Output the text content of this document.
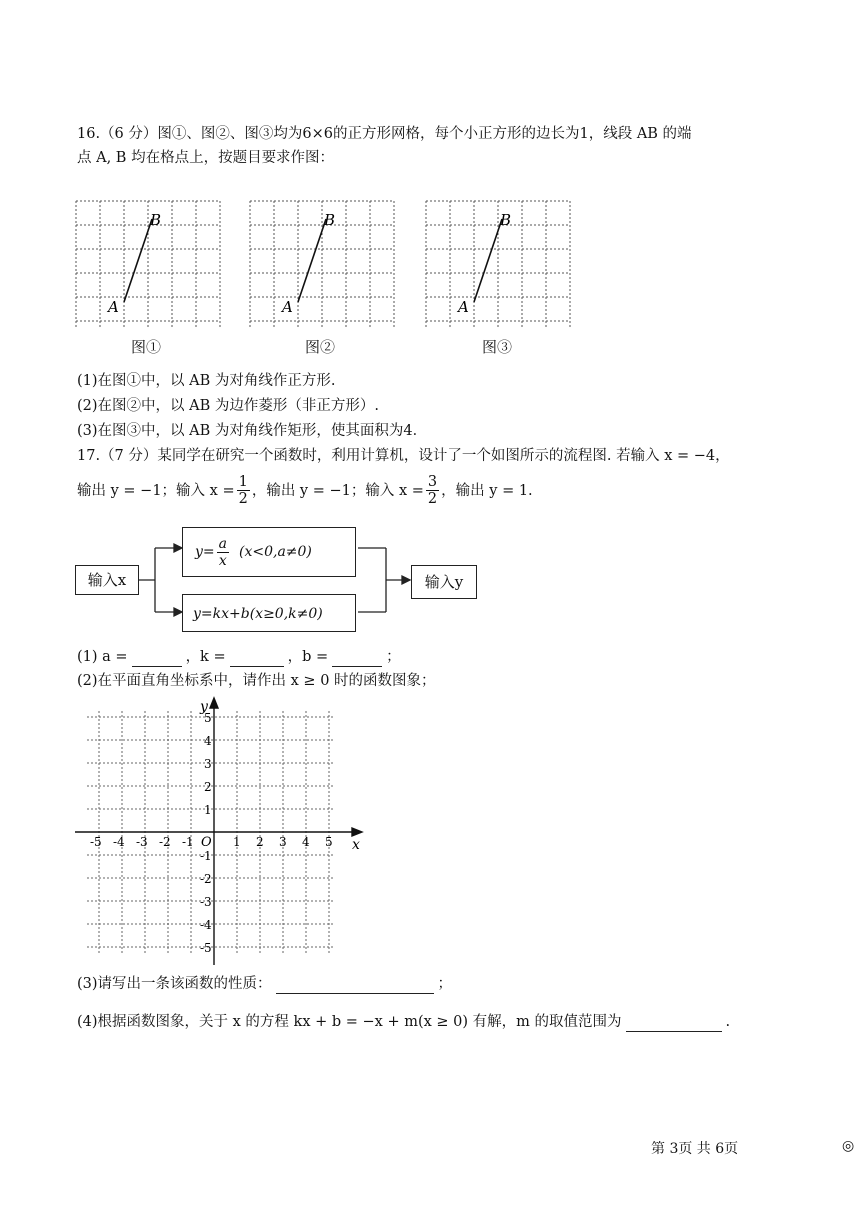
16.（6 分）图①、图②、图③均为6×6的正方形网格，每个小正方形的边长为1，线段 AB 的端
点 A, B 均在格点上，按题目要求作图：
A
B
A
B
A
B
图①	图②	图③
(1)在图①中，以 AB 为对角线作正方形.
(2)在图②中，以 AB 为边作菱形（非正方形）.
(3)在图③中，以 AB 为对角线作矩形，使其面积为4．
17.（7 分）某同学在研究一个函数时，利用计算机，设计了一个如图所示的流程图. 若输入 x = −4，
输出 y = −1；输入 $x = \frac{1}{2}$ ，输出 y = −1；输入 $x = \frac{3}{2}$ ，输出 y = 1.
输入x
$y= \frac{a}{x} (x<0,a\ne 0)$
y=kx+b(x≥0,k≠0)
输入y
(1) a =	，k =	，b =	；
(2)在平面直角坐标系中，请作出 x ≥ 0 时的函数图象；
x
y
O
-5 -4 -3 -2 -1	1 2 3 4 5
5
4
3
2
1
-1
-2
-3
-4
-5
(3)请写出一条该函数的性质：	；
(4)根据函数图象，关于 x 的方程 kx + b = −x + m(x ≥ 0) 有解，m 的取值范围为	.
第 3页 共 6页	◎
